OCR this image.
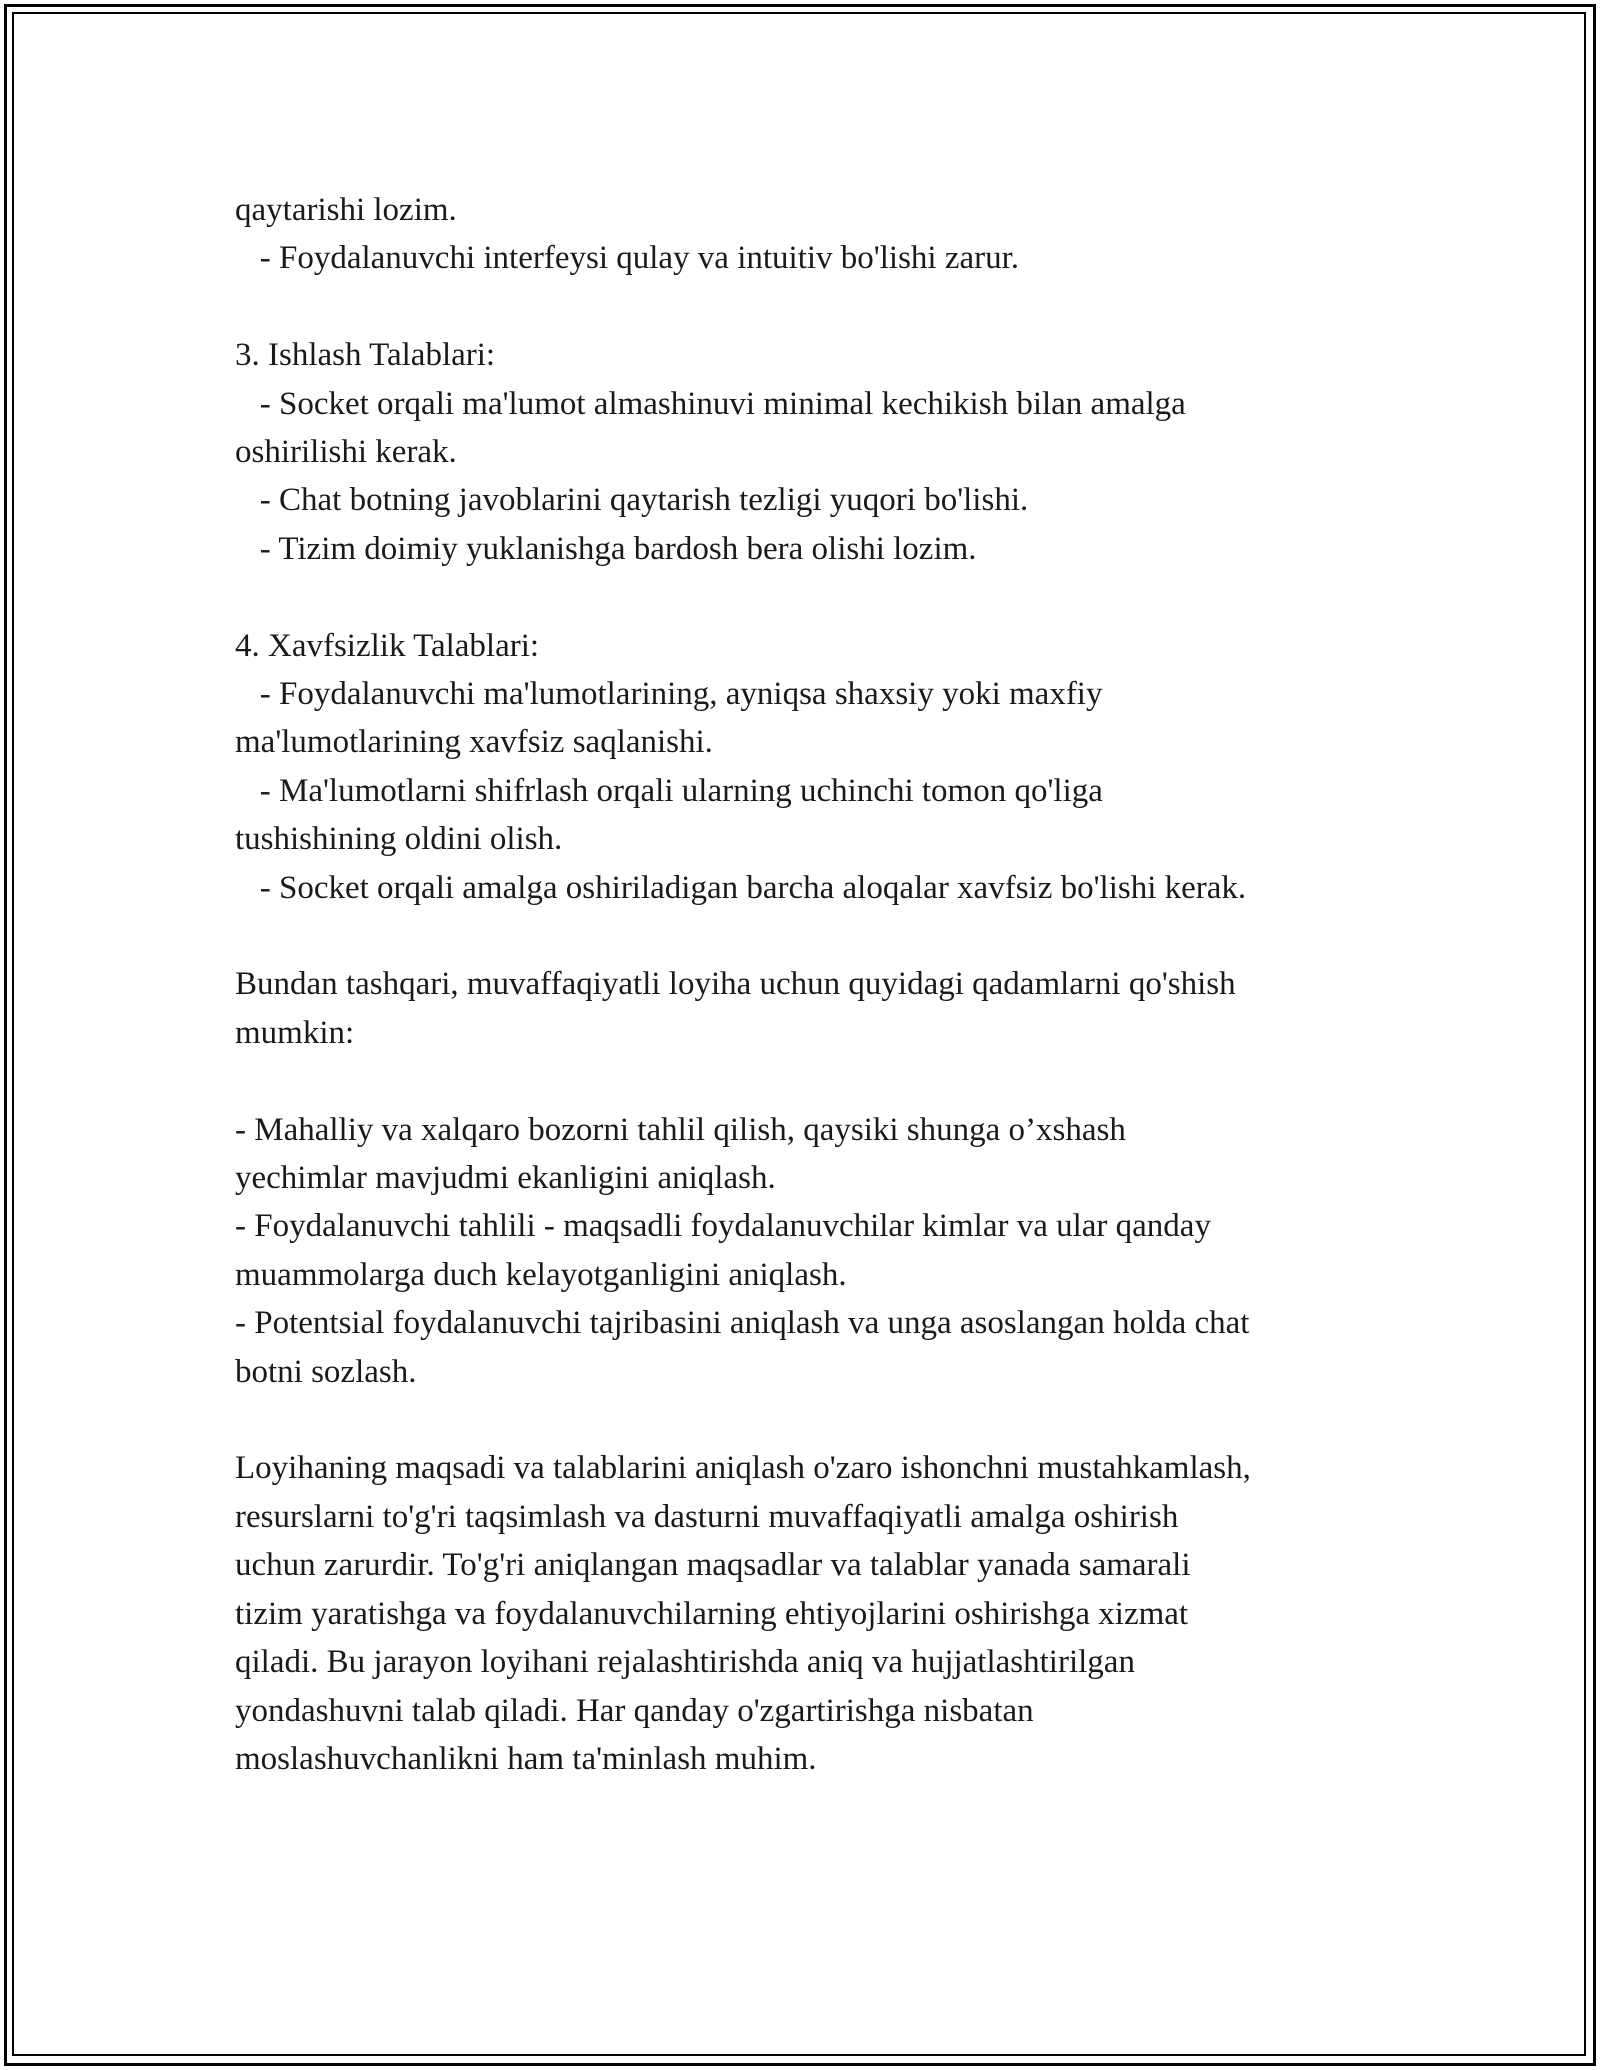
qaytarishi lozim.
- Foydalanuvchi interfeysi qulay va intuitiv bo'lishi zarur.
3. Ishlash Talablari:
- Socket orqali ma'lumot almashinuvi minimal kechikish bilan amalga
oshirilishi kerak.
- Chat botning javoblarini qaytarish tezligi yuqori bo'lishi.
- Tizim doimiy yuklanishga bardosh bera olishi lozim.
4. Xavfsizlik Talablari:
- Foydalanuvchi ma'lumotlarining, ayniqsa shaxsiy yoki maxfiy
ma'lumotlarining xavfsiz saqlanishi.
- Ma'lumotlarni shifrlash orqali ularning uchinchi tomon qo'liga
tushishining oldini olish.
- Socket orqali amalga oshiriladigan barcha aloqalar xavfsiz bo'lishi kerak.
Bundan tashqari, muvaffaqiyatli loyiha uchun quyidagi qadamlarni qo'shish
mumkin:
- Mahalliy va xalqaro bozorni tahlil qilish, qaysiki shunga o’xshash
yechimlar mavjudmi ekanligini aniqlash.
- Foydalanuvchi tahlili - maqsadli foydalanuvchilar kimlar va ular qanday
muammolarga duch kelayotganligini aniqlash.
- Potentsial foydalanuvchi tajribasini aniqlash va unga asoslangan holda chat
botni sozlash.
Loyihaning maqsadi va talablarini aniqlash o'zaro ishonchni mustahkamlash,
resurslarni to'g'ri taqsimlash va dasturni muvaffaqiyatli amalga oshirish
uchun zarurdir. To'g'ri aniqlangan maqsadlar va talablar yanada samarali
tizim yaratishga va foydalanuvchilarning ehtiyojlarini oshirishga xizmat
qiladi. Bu jarayon loyihani rejalashtirishda aniq va hujjatlashtirilgan
yondashuvni talab qiladi. Har qanday o'zgartirishga nisbatan
moslashuvchanlikni ham ta'minlash muhim.
